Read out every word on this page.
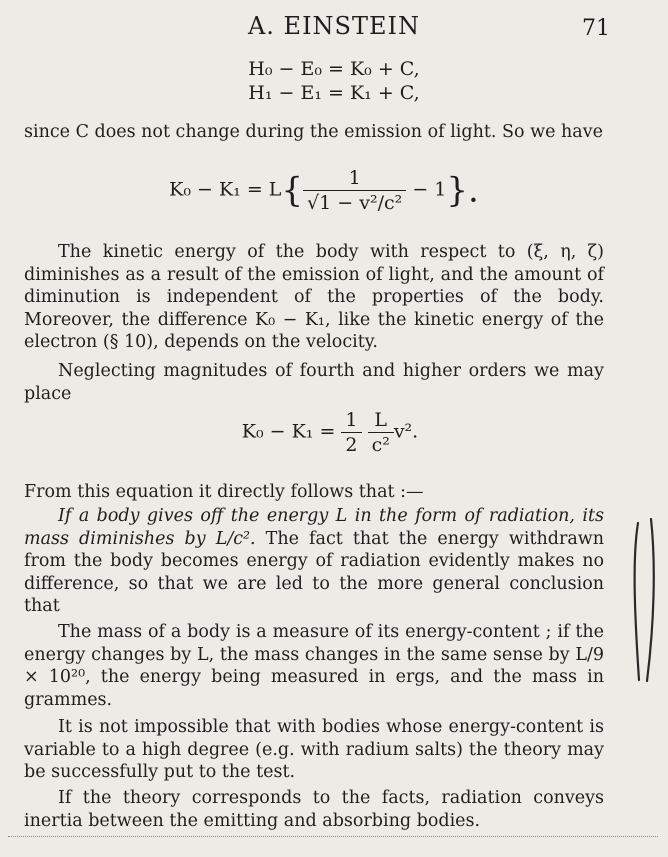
A. EINSTEIN	71
H₀ − E₀ = K₀ + C,
H₁ − E₁ = K₁ + C,
since C does not change during the emission of light. So we have
$K_0 - K_1 = L\{ \frac{1}{\text{√1 − v²/c²}} - 1\}$.
The kinetic energy of the body with respect to (ξ, η, ζ) diminishes as a result of the emission of light, and the amount of diminution is independent of the properties of the body. Moreover, the difference K₀ − K₁, like the kinetic energy of the electron (§ 10), depends on the velocity.
Neglecting magnitudes of fourth and higher orders we may place
$K_0 - K_1 = \frac{1}{2}$
$\frac{L}{\text{c²}} v^2$.
From this equation it directly follows that :—
If a body gives off the energy L in the form of radiation, its mass diminishes by L/c². The fact that the energy withdrawn from the body becomes energy of radiation evidently makes no difference, so that we are led to the more general conclusion that
The mass of a body is a measure of its energy-content ; if the energy changes by L, the mass changes in the same sense by L/9 × 10²⁰, the energy being measured in ergs, and the mass in grammes.
It is not impossible that with bodies whose energy-content is variable to a high degree (e.g. with radium salts) the theory may be successfully put to the test.
If the theory corresponds to the facts, radiation conveys inertia between the emitting and absorbing bodies.
